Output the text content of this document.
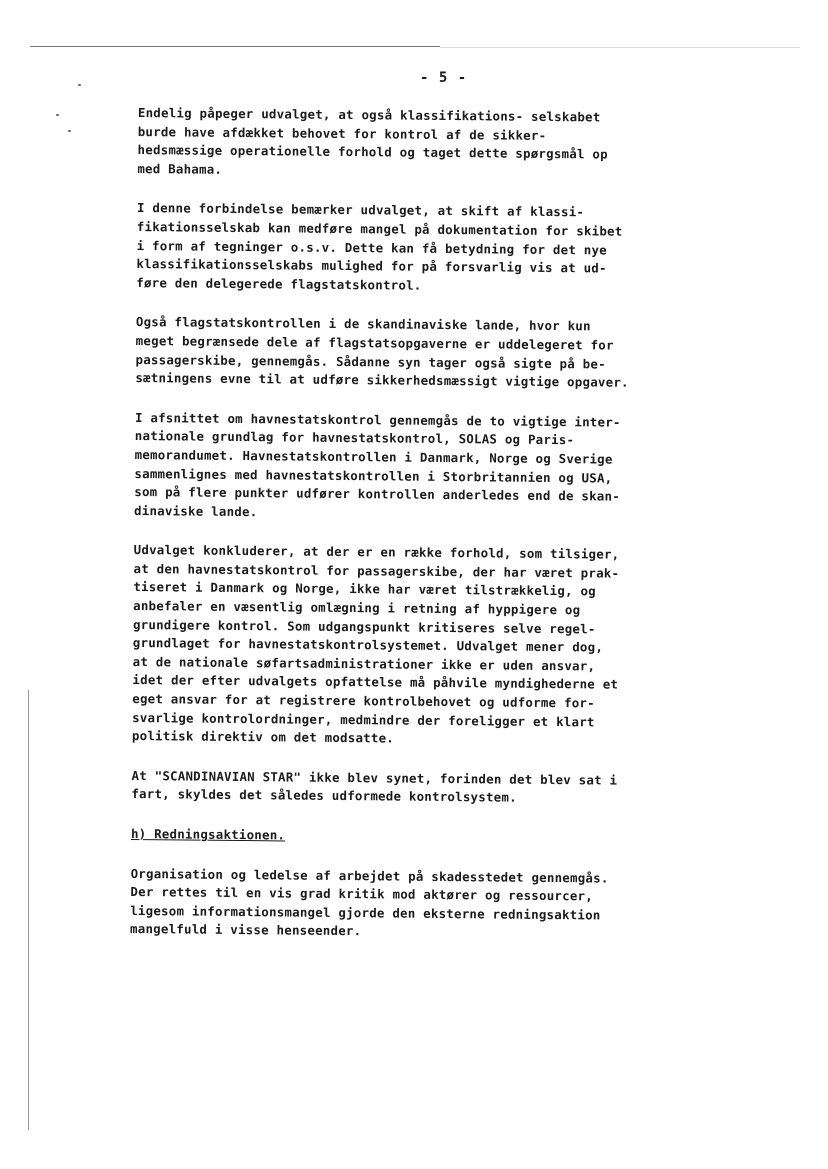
- 5 -
Endelig påpeger udvalget, at også klassifikations- selskabet
burde have afdækket behovet for kontrol af de sikker-
hedsmæssige operationelle forhold og taget dette spørgsmål op
med Bahama.
I denne forbindelse bemærker udvalget, at skift af klassi-
fikationsselskab kan medføre mangel på dokumentation for skibet
i form af tegninger o.s.v. Dette kan få betydning for det nye
klassifikationsselskabs mulighed for på forsvarlig vis at ud-
føre den delegerede flagstatskontrol.
Også flagstatskontrollen i de skandinaviske lande, hvor kun
meget begrænsede dele af flagstatsopgaverne er uddelegeret for
passagerskibe, gennemgås. Sådanne syn tager også sigte på be-
sætningens evne til at udføre sikkerhedsmæssigt vigtige opgaver.
I afsnittet om havnestatskontrol gennemgås de to vigtige inter-
nationale grundlag for havnestatskontrol, SOLAS og Paris-
memorandumet. Havnestatskontrollen i Danmark, Norge og Sverige
sammenlignes med havnestatskontrollen i Storbritannien og USA,
som på flere punkter udfører kontrollen anderledes end de skan-
dinaviske lande.
Udvalget konkluderer, at der er en række forhold, som tilsiger,
at den havnestatskontrol for passagerskibe, der har været prak-
tiseret i Danmark og Norge, ikke har været tilstrækkelig, og
anbefaler en væsentlig omlægning i retning af hyppigere og
grundigere kontrol. Som udgangspunkt kritiseres selve regel-
grundlaget for havnestatskontrolsystemet. Udvalget mener dog,
at de nationale søfartsadministrationer ikke er uden ansvar,
idet der efter udvalgets opfattelse må påhvile myndighederne et
eget ansvar for at registrere kontrolbehovet og udforme for-
svarlige kontrolordninger, medmindre der foreligger et klart
politisk direktiv om det modsatte.
At "SCANDINAVIAN STAR" ikke blev synet, forinden det blev sat i
fart, skyldes det således udformede kontrolsystem.
h) Redningsaktionen.
Organisation og ledelse af arbejdet på skadesstedet gennemgås.
Der rettes til en vis grad kritik mod aktører og ressourcer,
ligesom informationsmangel gjorde den eksterne redningsaktion
mangelfuld i visse henseender.
